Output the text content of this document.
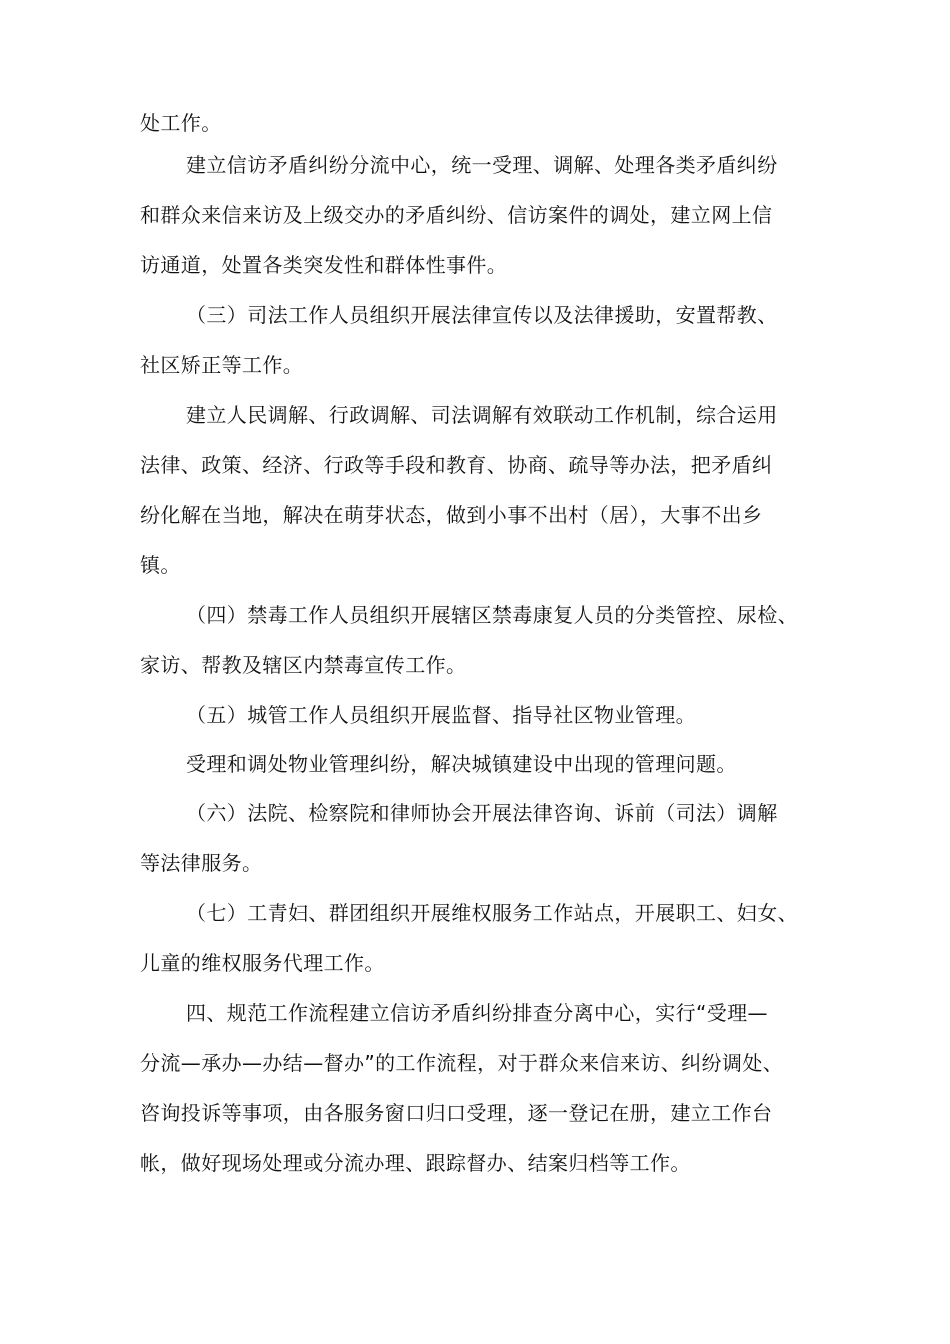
处工作。
建立信访矛盾纠纷分流中心，统一受理、调解、处理各类矛盾纠纷
和群众来信来访及上级交办的矛盾纠纷、信访案件的调处，建立网上信
访通道，处置各类突发性和群体性事件。
（三）司法工作人员组织开展法律宣传以及法律援助，安置帮教、
社区矫正等工作。
建立人民调解、行政调解、司法调解有效联动工作机制，综合运用
法律、政策、经济、行政等手段和教育、协商、疏导等办法，把矛盾纠
纷化解在当地，解决在萌芽状态，做到小事不出村（居），大事不出乡
镇。
（四）禁毒工作人员组织开展辖区禁毒康复人员的分类管控、尿检、
家访、帮教及辖区内禁毒宣传工作。
（五）城管工作人员组织开展监督、指导社区物业管理。
受理和调处物业管理纠纷，解决城镇建设中出现的管理问题。
（六）法院、检察院和律师协会开展法律咨询、诉前（司法）调解
等法律服务。
（七）工青妇、群团组织开展维权服务工作站点，开展职工、妇女、
儿童的维权服务代理工作。
四、规范工作流程建立信访矛盾纠纷排查分离中心，实行“受理—
分流—承办—办结—督办”的工作流程，对于群众来信来访、纠纷调处、
咨询投诉等事项，由各服务窗口归口受理，逐一登记在册，建立工作台
帐，做好现场处理或分流办理、跟踪督办、结案归档等工作。
